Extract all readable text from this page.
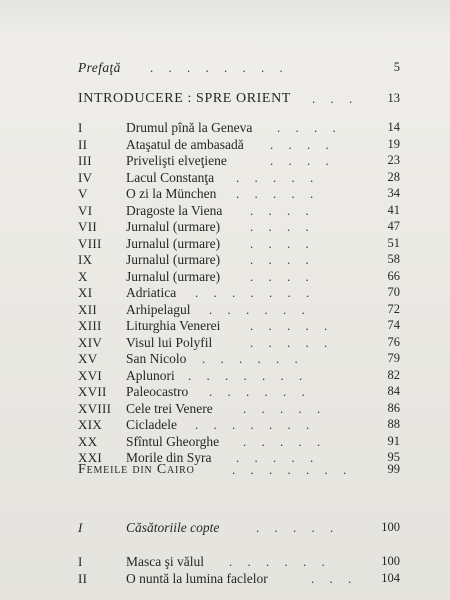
Prefaţă . . . . . . . .	5
INTRODUCERE : SPRE ORIENT . . .	13
I	Drumul pînă la Geneva . . . .	14
II	Ataşatul de ambasadă . . . .	19
III	Privelişti elveţiene	. . . .	23
IV Lacul Constanţa . . . . .	28
V	O zi la München . . . . .	34
VI Dragoste la Viena . . . .	41
VII Jurnalul (urmare) . . . .	47
VIII Jurnalul (urmare) . . . .	51
IX Jurnalul (urmare) . . . .	58
X	Jurnalul (urmare) . . . .	66
XI Adriatica . . . . . . .	70
XII Arhipelagul . . . . . .	72
XIII Liturghia Venerei . . . . .	74
XIV Visul lui Polyfil	. . . . .	76
XV San Nicolo . . . . . .	79
XVI Aplunori . . . . . . .	82
XVII Paleocastro . . . . . .	84
XVIII Cele trei Venere . . . . .	86
XIX Cicladele . . . . . . .	88
XX Sfîntul Gheorghe . . . . .	91
XXI Morile din Syra . . . . .	95
Femeile din Cairo	. . . . . . .	99
I	Căsătoriile copte	. . . . .	100
I	Masca şi vălul . . . . . .	100
II	O nuntă la lumina faclelor	. . .	104
